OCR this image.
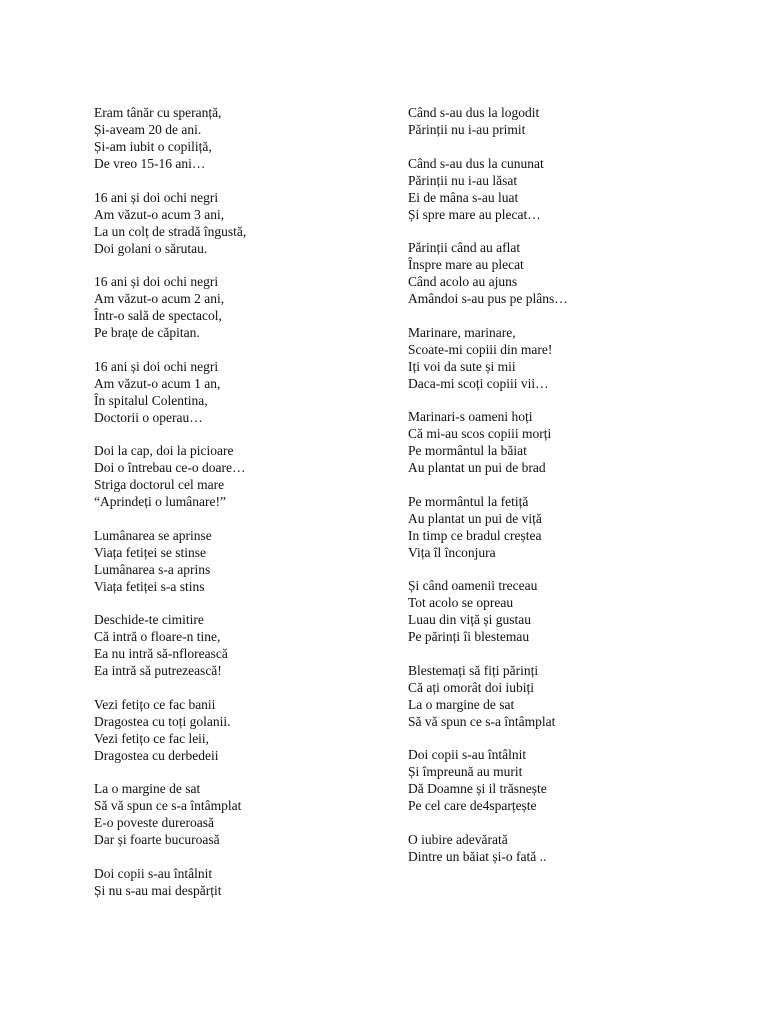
Eram tânăr cu speranță,
Și-aveam 20 de ani.
Și-am iubit o copiliță,
De vreo 15-16 ani…
16 ani și doi ochi negri
Am văzut-o acum 3 ani,
La un colț de stradă îngustă,
Doi golani o sărutau.
16 ani și doi ochi negri
Am văzut-o acum 2 ani,
Într-o sală de spectacol,
Pe brațe de căpitan.
16 ani și doi ochi negri
Am văzut-o acum 1 an,
În spitalul Colentina,
Doctorii o operau…
Doi la cap, doi la picioare
Doi o întrebau ce-o doare…
Striga doctorul cel mare
“Aprindeți o lumânare!”
Lumânarea se aprinse
Viața fetiței se stinse
Lumânarea s-a aprins
Viața fetiței s-a stins
Deschide-te cimitire
Că intră o floare-n tine,
Ea nu intră să-nflorească
Ea intră să putrezească!
Vezi fetițo ce fac banii
Dragostea cu toți golanii.
Vezi fetițo ce fac leii,
Dragostea cu derbedeii
La o margine de sat
Să vă spun ce s-a întâmplat
E-o poveste dureroasă
Dar și foarte bucuroasă
Doi copii s-au întâlnit
Și nu s-au mai despărțit
Când s-au dus la logodit
Părinții nu i-au primit
Când s-au dus la cununat
Părinții nu i-au lăsat
Ei de mâna s-au luat
Și spre mare au plecat…
Părinții când au aflat
Înspre mare au plecat
Când acolo au ajuns
Amândoi s-au pus pe plâns…
Marinare, marinare,
Scoate-mi copiii din mare!
Iți voi da sute și mii
Daca-mi scoți copiii vii…
Marinari-s oameni hoți
Că mi-au scos copiii morți
Pe mormântul la băiat
Au plantat un pui de brad
Pe mormântul la fetiță
Au plantat un pui de viță
In timp ce bradul creștea
Vița îl înconjura
Și când oamenii treceau
Tot acolo se opreau
Luau din viță și gustau
Pe părinți îi blestemau
Blestemați să fiți părinți
Că ați omorât doi iubiți
La o margine de sat
Să vă spun ce s-a întâmplat
Doi copii s-au întâlnit
Și împreună au murit
Dă Doamne și il trăsnește
Pe cel care de4sparțește
O iubire adevărată
Dintre un băiat și-o fată ..
